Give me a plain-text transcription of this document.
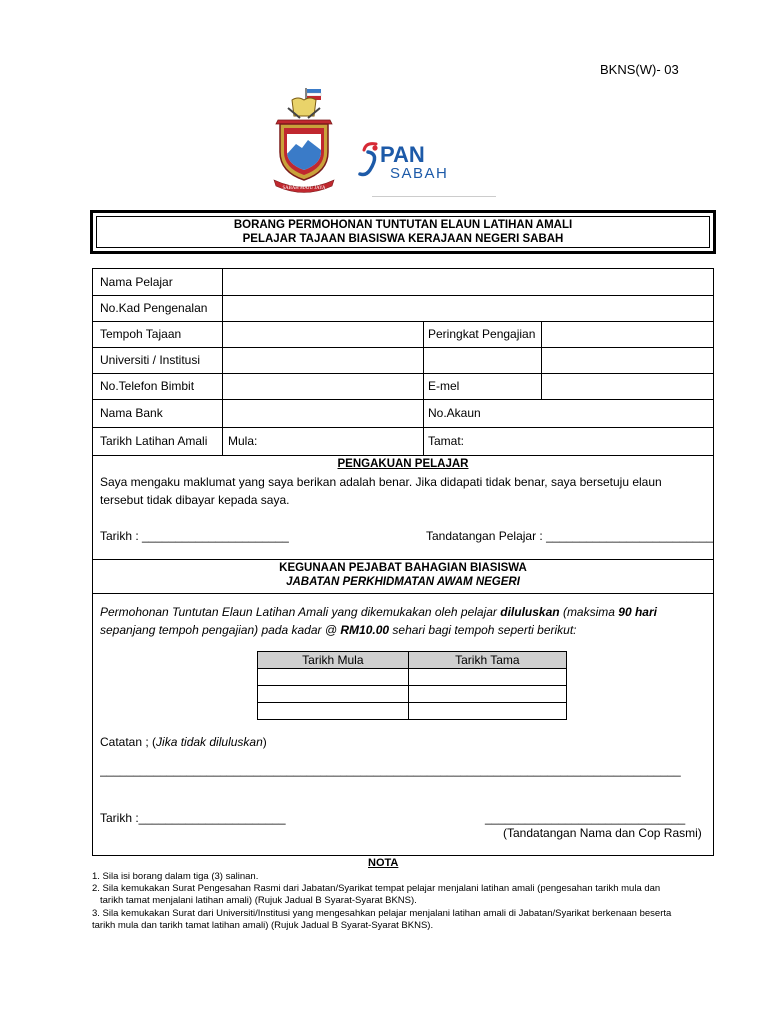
BKNS(W)- 03
SABAH MAJU JAYA
PAN
SABAH
BORANG PERMOHONAN TUNTUTAN ELAUN LATIHAN AMALI
PELAJAR TAJAAN BIASISWA KERAJAAN NEGERI SABAH
Nama Pelajar
No.Kad Pengenalan
Tempoh Tajaan	Peringkat Pengajian
Universiti / Institusi
No.Telefon Bimbit	E-mel
Nama Bank	No.Akaun
Tarikh Latihan Amali Mula:	Tamat:
PENGAKUAN PELAJAR
Saya mengaku maklumat yang saya berikan adalah benar. Jika didapati tidak benar, saya bersetuju elaun tersebut tidak dibayar kepada saya.
Tarikh : ______________________	Tandatangan Pelajar : _________________________
KEGUNAAN PEJABAT BAHAGIAN BIASISWA
JABATAN PERKHIDMATAN AWAM NEGERI
Permohonan Tuntutan Elaun Latihan Amali yang dikemukakan oleh pelajar diluluskan (maksima 90 hari sepanjang tempoh pengajian) pada kadar @ RM10.00 sehari bagi tempoh seperti berikut:
Tarikh Mula	Tarikh Tama

Catatan ; (Jika tidak diluluskan)
_______________________________________________________________________________________
Tarikh :______________________	______________________________
(Tandatangan Nama dan Cop Rasmi)
NOTA
1. Sila isi borang dalam tiga (3) salinan.
2. Sila kemukakan Surat Pengesahan Rasmi dari Jabatan/Syarikat tempat pelajar menjalani latihan amali (pengesahan tarikh mula dan
tarikh tamat menjalani latihan amali) (Rujuk Jadual B Syarat-Syarat BKNS).
3. Sila kemukakan Surat dari Universiti/Institusi yang mengesahkan pelajar menjalani latihan amali di Jabatan/Syarikat berkenaan beserta
tarikh mula dan tarikh tamat latihan amali) (Rujuk Jadual B Syarat-Syarat BKNS).
